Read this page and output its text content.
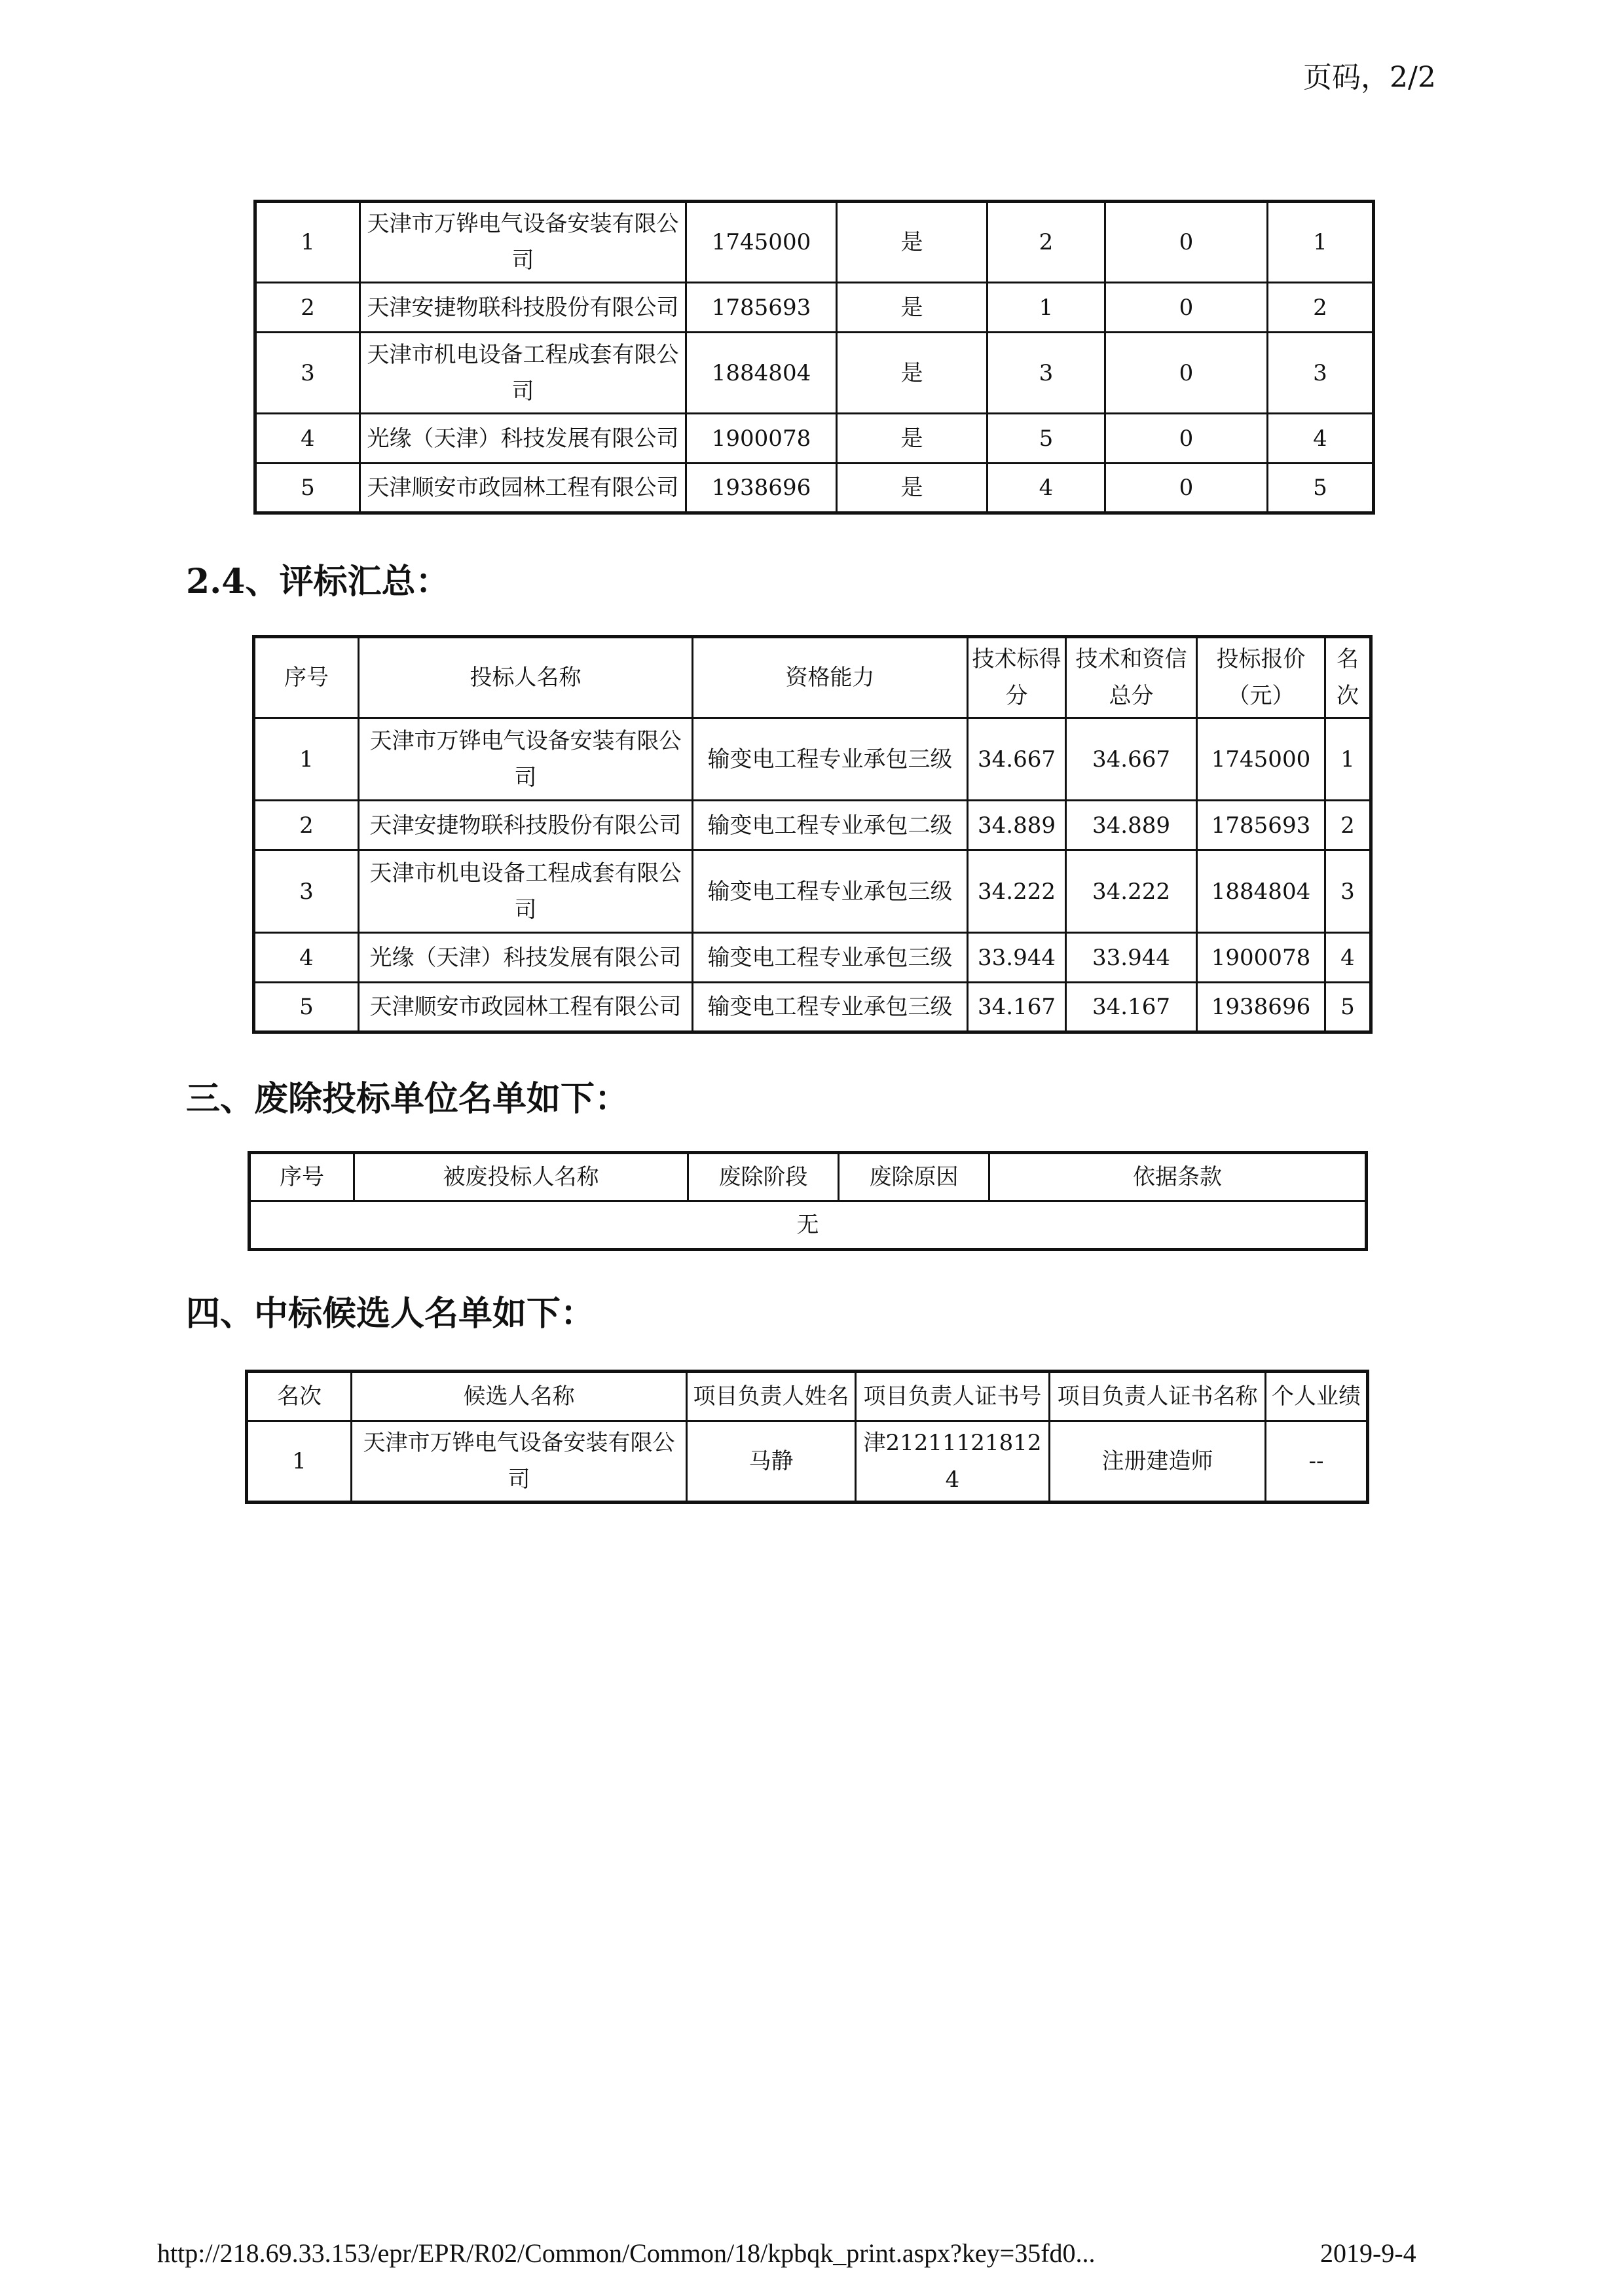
页码，2/2
1	天津市万铧电气设备安装有限公司	1745000	是	2	0	1
2	天津安捷物联科技股份有限公司	1785693	是	1	0	2
3	天津市机电设备工程成套有限公司	1884804	是	3	0	3
4	光缘（天津）科技发展有限公司	1900078	是	5	0	4
5	天津顺安市政园林工程有限公司	1938696	是	4	0	5
2.4、评标汇总：
序号	投标人名称	资格能力	技术标得分	技术和资信总分	投标报价（元）	名次
1	天津市万铧电气设备安装有限公司	输变电工程专业承包三级	34.667	34.667	1745000	1
2	天津安捷物联科技股份有限公司	输变电工程专业承包二级	34.889	34.889	1785693	2
3	天津市机电设备工程成套有限公司	输变电工程专业承包三级	34.222	34.222	1884804	3
4	光缘（天津）科技发展有限公司	输变电工程专业承包三级	33.944	33.944	1900078	4
5	天津顺安市政园林工程有限公司	输变电工程专业承包三级	34.167	34.167	1938696	5
三、废除投标单位名单如下：
序号	被废投标人名称	废除阶段	废除原因	依据条款
无
四、中标候选人名单如下：
名次	候选人名称	项目负责人姓名	项目负责人证书号	项目负责人证书名称	个人业绩
1	天津市万铧电气设备安装有限公司	马静	津212111218124	注册建造师	--
http://218.69.33.153/epr/EPR/R02/Common/Common/18/kpbqk_print.aspx?key=35fd0...	2019-9-4
